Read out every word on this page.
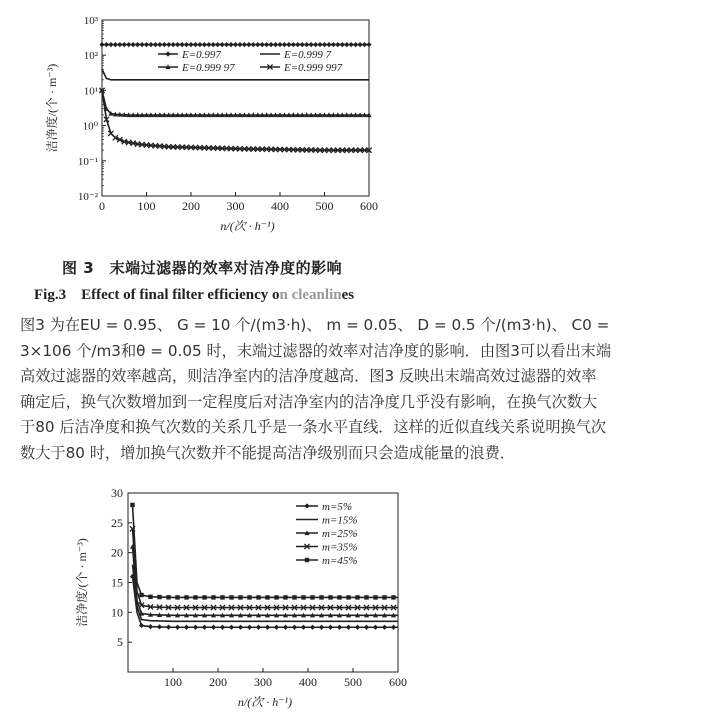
10⁻²
10⁻¹
10⁰
10¹
10²
10³
0	100 200 300 400 500 600
n/(次 · h⁻¹)
洁净度/(个 · m⁻³)
E=0.997	E=0.999 7
E=0.999 97	E=0.999 997
图 3　末端过滤器的效率对洁净度的影响
Fig.3　Effect of final filter efficiency on cleanlines
图3 为在EU = 0.95、 G = 10 个/(m3·h)、 m = 0.05、 D = 0.5 个/(m3·h)、 C0 =
3×106 个/m3和θ = 0.05 时，末端过滤器的效率对洁净度的影响．由图3可以看出末端
高效过滤器的效率越高，则洁净室内的洁净度越高．图3 反映出末端高效过滤器的效率
确定后，换气次数增加到一定程度后对洁净室内的洁净度几乎没有影响，在换气次数大
于80 后洁净度和换气次数的关系几乎是一条水平直线．这样的近似直线关系说明换气次
数大于80 时，增加换气次数并不能提高洁净级别而只会造成能量的浪费．
5
10
15
20
25
30
100 200 300 400 500 600
n/(次 · h⁻¹)
洁净度/(个 · m⁻³)
m=5%
m=15%
m=25%
m=35%
m=45%
